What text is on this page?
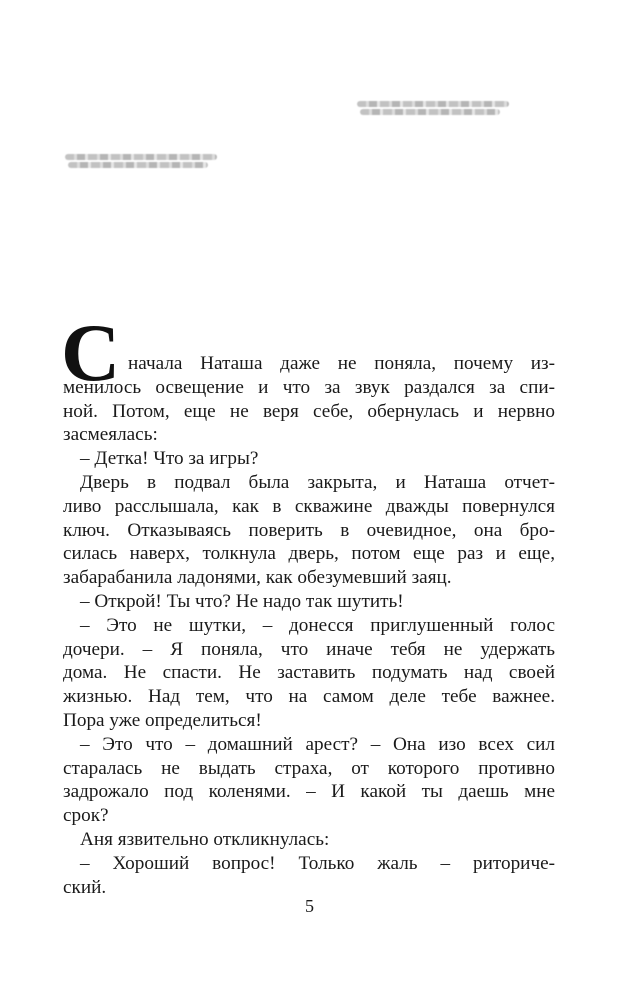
С начала Наташа даже не поняла, почему из-
менилось освещение и что за звук раздался за спи-
ной. Потом, еще не веря себе, обернулась и нервно
засмеялась:
– Детка! Что за игры?
Дверь в подвал была закрыта, и Наташа отчет-
ливо расслышала, как в скважине дважды повернулся
ключ. Отказываясь поверить в очевидное, она бро-
силась наверх, толкнула дверь, потом еще раз и еще,
забарабанила ладонями, как обезумевший заяц.
– Открой! Ты что? Не надо так шутить!
– Это не шутки, – донесся приглушенный голос
дочери. – Я поняла, что иначе тебя не удержать
дома. Не спасти. Не заставить подумать над своей
жизнью. Над тем, что на самом деле тебе важнее.
Пора уже определиться!
– Это что – домашний арест? – Она изо всех сил
старалась не выдать страха, от которого противно
задрожало под коленями. – И какой ты даешь мне
срок?
Аня язвительно откликнулась:
– Хороший вопрос! Только жаль – риториче-
ский.
5
